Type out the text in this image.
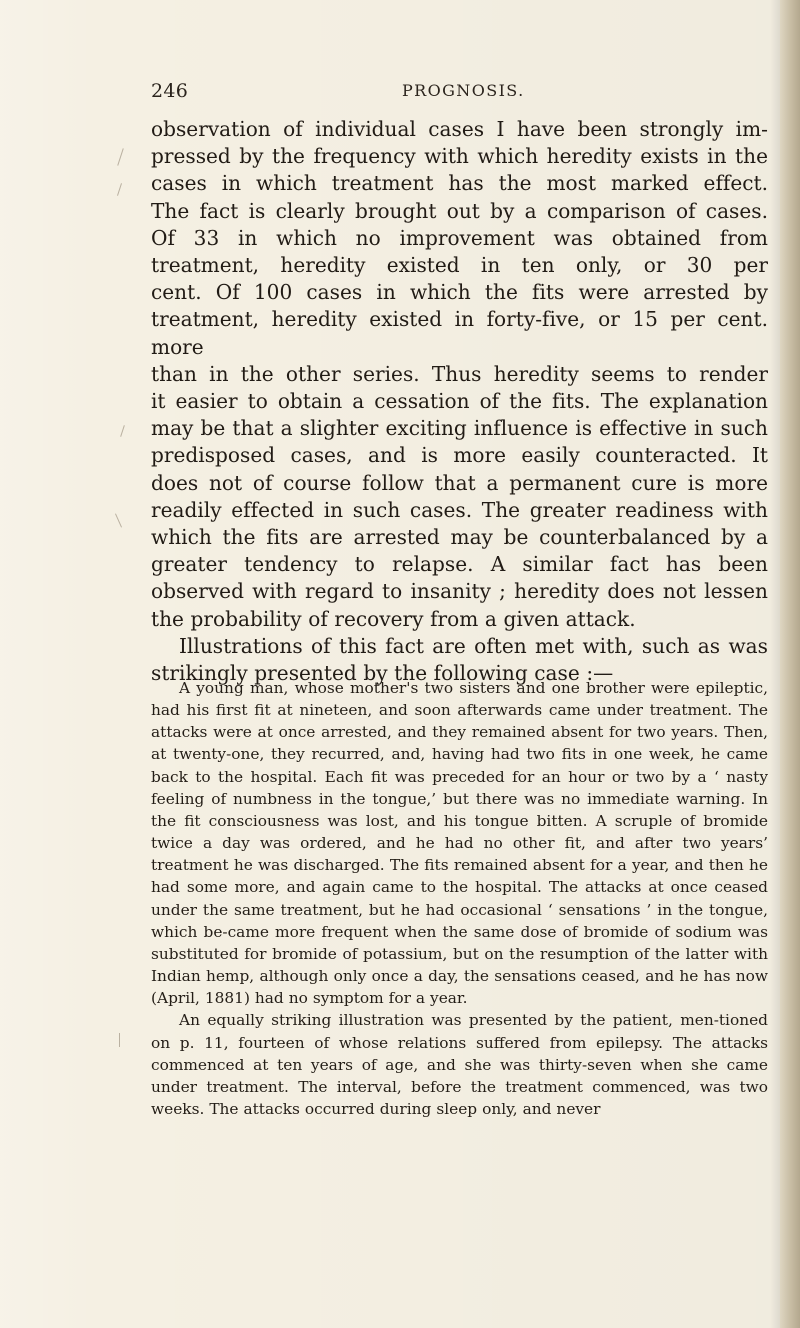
246	PROGNOSIS.

observation of individual cases I have been strongly im-

pressed by the frequency with which heredity exists in the

cases in which treatment has the most marked effect.

The fact is clearly brought out by a comparison of cases.

Of 33 in which no improvement was obtained from

treatment, heredity existed in ten only, or 30 per

cent. Of 100 cases in which the fits were arrested by

treatment, heredity existed in forty-five, or 15 per cent. more

than in the other series. Thus heredity seems to render

it easier to obtain a cessation of the fits. The explanation

may be that a slighter exciting influence is effective in such

predisposed cases, and is more easily counteracted. It

does not of course follow that a permanent cure is more

readily effected in such cases. The greater readiness with

which the fits are arrested may be counterbalanced by a

greater tendency to relapse. A similar fact has been

observed with regard to insanity ; heredity does not lessen

the probability of recovery from a given attack.

Illustrations of this fact are often met with, such as was

strikingly presented by the following case :—

A young man, whose mother's two sisters and one brother were epileptic, had his first fit at nineteen, and soon afterwards came under treatment. The attacks were at once arrested, and they remained absent for two years. Then, at twenty-one, they recurred, and, having had two fits in one week, he came back to the hospital. Each fit was preceded for an hour or two by a ‘ nasty feeling of numbness in the tongue,’ but there was no immediate warning. In the fit consciousness was lost, and his tongue bitten. A scruple of bromide twice a day was ordered, and he had no other fit, and after two years’ treatment he was discharged. The fits remained absent for a year, and then he had some more, and again came to the hospital. The attacks at once ceased under the same treatment, but he had occasional ‘ sensations ’ in the tongue, which be-came more frequent when the same dose of bromide of sodium was substituted for bromide of potassium, but on the resumption of the latter with Indian hemp, although only once a day, the sensations ceased, and he has now (April, 1881) had no symptom for a year.

An equally striking illustration was presented by the patient, men-tioned on p. 11, fourteen of whose relations suffered from epilepsy. The attacks commenced at ten years of age, and she was thirty-seven when she came under treatment. The interval, before the treatment commenced, was two weeks. The attacks occurred during sleep only, and never
